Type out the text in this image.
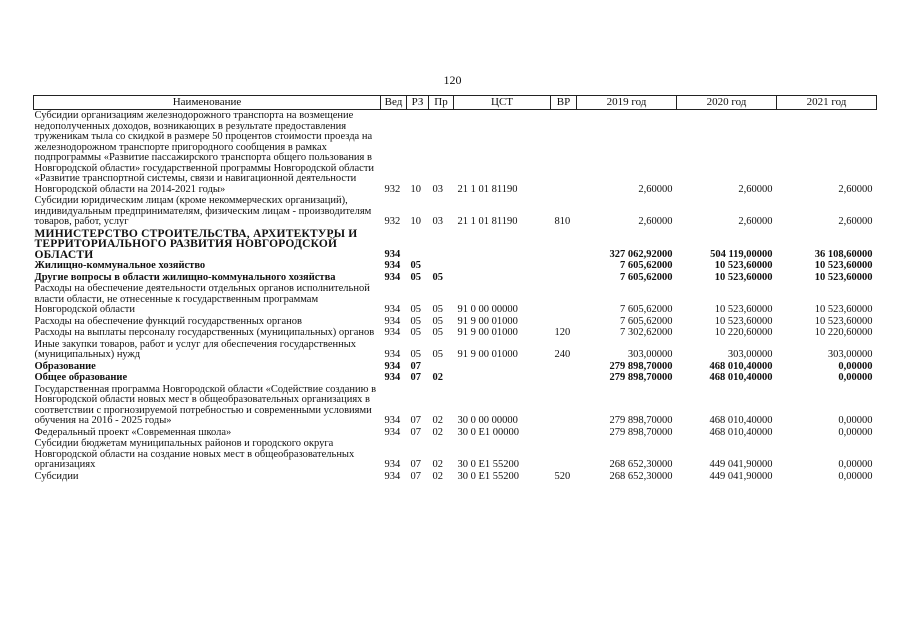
120
Наименование	Вед	РЗ	Пр	ЦСТ	ВР	2019 год	2020 год	2021 год
Субсидии организациям железнодорожного транспорта на возмещение недополученных доходов, возникающих в результате предоставления труженикам тыла со скидкой в размере 50 процентов стоимости проезда на железнодорожном транспорте пригородного сообщения в рамках подпрограммы «Развитие пассажирского транспорта общего пользования в Новгородской области» государственной программы Новгородской области «Развитие транспортной системы, связи и навигационной деятельности Новгородской области на 2014-2021 годы»	932	10	03	21 1 01 81190		2,60000	2,60000	2,60000
Субсидии юридическим лицам (кроме некоммерческих организаций), индивидуальным предпринимателям, физическим лицам - производителям товаров, работ, услуг	932	10	03	21 1 01 81190	810	2,60000	2,60000	2,60000
МИНИСТЕРСТВО СТРОИТЕЛЬСТВА, АРХИТЕКТУРЫ И ТЕРРИТОРИАЛЬНОГО РАЗВИТИЯ НОВГОРОДСКОЙ ОБЛАСТИ	934					327 062,92000	504 119,00000	36 108,60000
Жилищно-коммунальное хозяйство	934	05				7 605,62000	10 523,60000	10 523,60000
Другие вопросы в области жилищно-коммунального хозяйства	934	05	05			7 605,62000	10 523,60000	10 523,60000
Расходы на обеспечение деятельности отдельных органов исполнительной власти области, не отнесенные к государственным программам Новгородской области	934	05	05	91 0 00 00000		7 605,62000	10 523,60000	10 523,60000
Расходы на обеспечение функций государственных органов	934	05	05	91 9 00 01000		7 605,62000	10 523,60000	10 523,60000
Расходы на выплаты персоналу государственных (муниципальных) органов	934	05	05	91 9 00 01000	120	7 302,62000	10 220,60000	10 220,60000
Иные закупки товаров, работ и услуг для обеспечения государственных (муниципальных) нужд	934	05	05	91 9 00 01000	240	303,00000	303,00000	303,00000
Образование	934	07				279 898,70000	468 010,40000	0,00000
Общее образование	934	07	02			279 898,70000	468 010,40000	0,00000
Государственная программа Новгородской области «Содействие созданию в Новгородской области новых мест в общеобразовательных организациях в соответствии с прогнозируемой потребностью и современными условиями обучения на 2016 - 2025 годы»	934	07	02	30 0 00 00000		279 898,70000	468 010,40000	0,00000
Федеральный проект «Современная школа»	934	07	02	30 0 E1 00000		279 898,70000	468 010,40000	0,00000
Субсидии бюджетам муниципальных районов и городского округа Новгородской области на создание новых мест в общеобразовательных организациях	934	07	02	30 0 E1 55200		268 652,30000	449 041,90000	0,00000
Субсидии	934	07	02	30 0 E1 55200	520	268 652,30000	449 041,90000	0,00000
